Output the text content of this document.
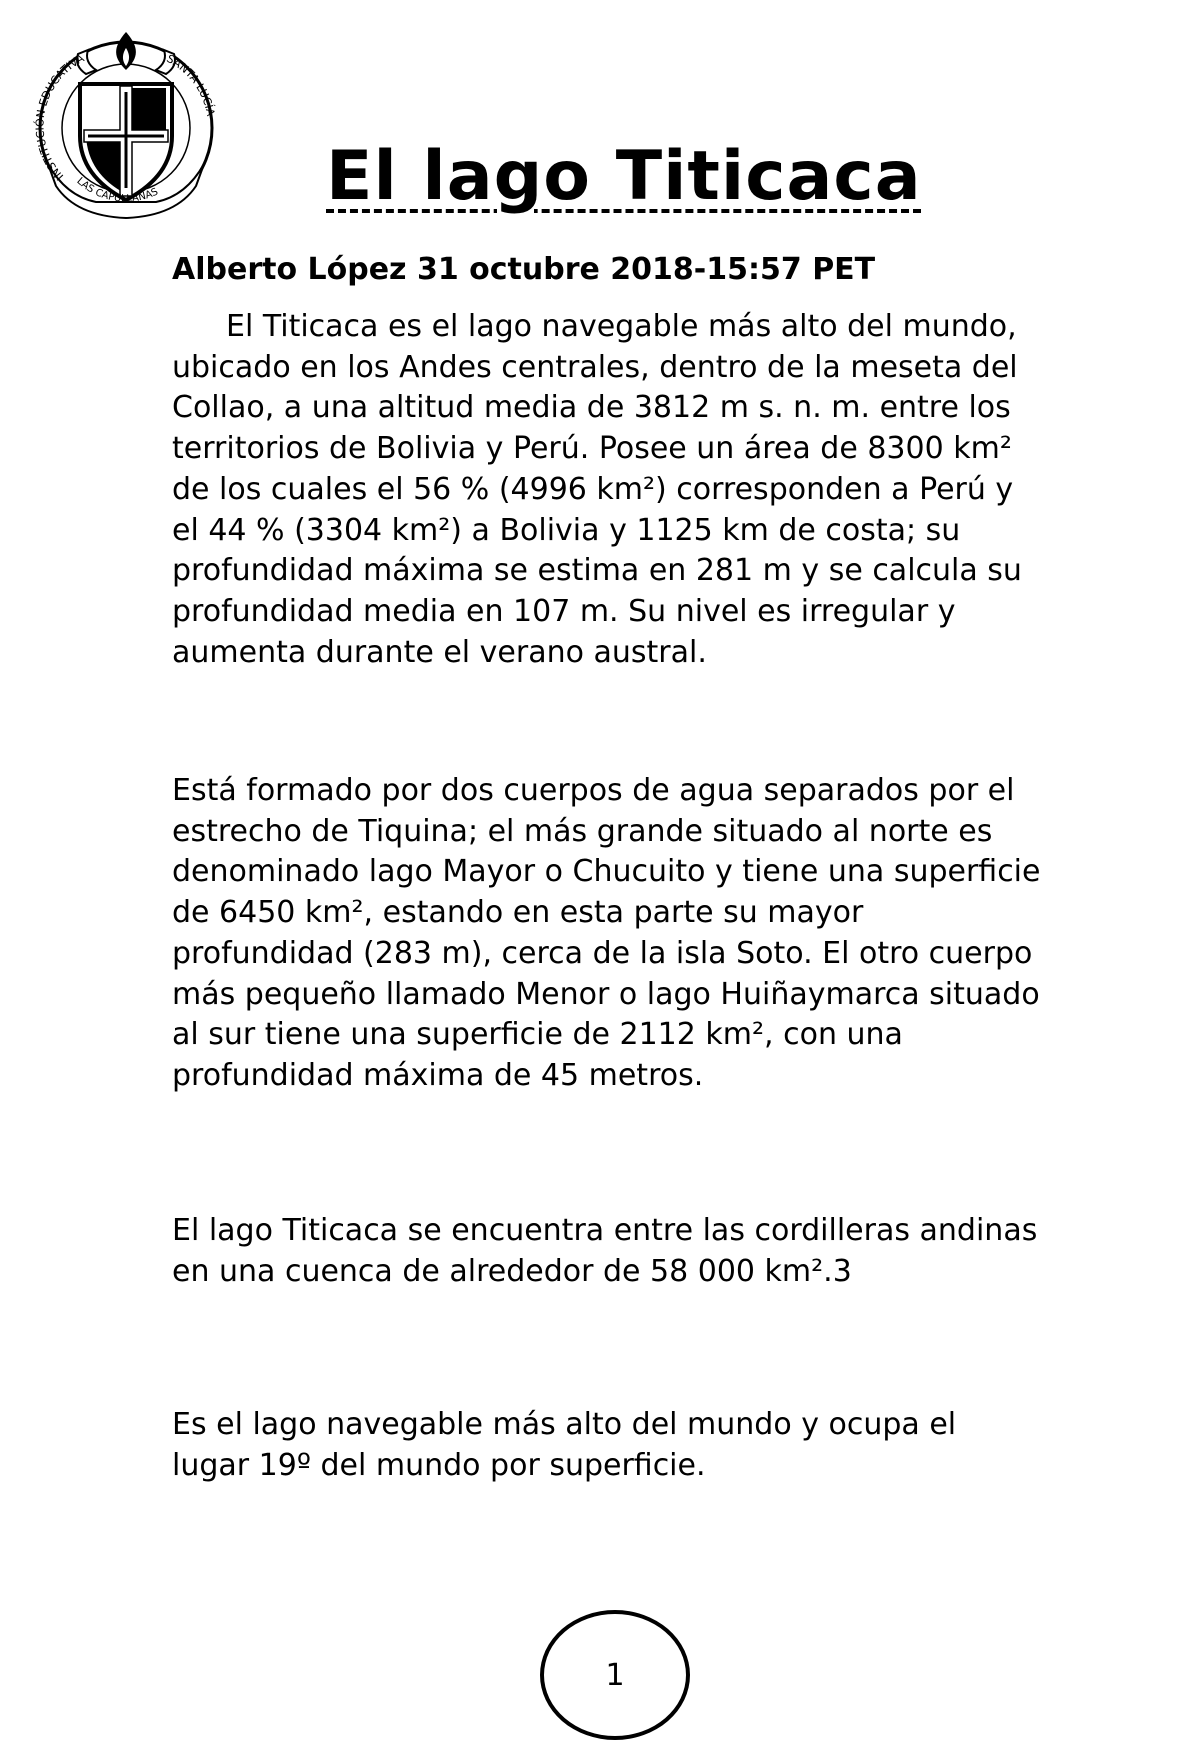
INSTITUCIÓN EDUCATIVA	SANTA LUCÍA
LAS CAPULLANAS El lago Titicaca

Alberto López 31 octubre 2018-15:57 PET

El Titicaca es el lago navegable más alto del mundo, ubicado en los Andes centrales, dentro de la meseta del Collao, a una altitud media de 3812 m s. n. m. entre los territorios de Bolivia y Perú. Posee un área de 8300 km² de los cuales el 56 % (4996 km²) corresponden a Perú y el 44 % (3304 km²) a Bolivia y 1125 km de costa; su profundidad máxima se estima en 281 m y se calcula su profundidad media en 107 m. Su nivel es irregular y aumenta durante el verano austral.

Está formado por dos cuerpos de agua separados por el estrecho de Tiquina; el más grande situado al norte es denominado lago Mayor o Chucuito y tiene una superficie de 6450 km², estando en esta parte su mayor profundidad (283 m), cerca de la isla Soto. El otro cuerpo más pequeño llamado Menor o lago Huiñaymarca situado al sur tiene una superficie de 2112 km², con una profundidad máxima de 45 metros.

El lago Titicaca se encuentra entre las cordilleras andinas en una cuenca de alrededor de 58 000 km².3

Es el lago navegable más alto del mundo y ocupa el lugar 19º del mundo por superficie.

1
